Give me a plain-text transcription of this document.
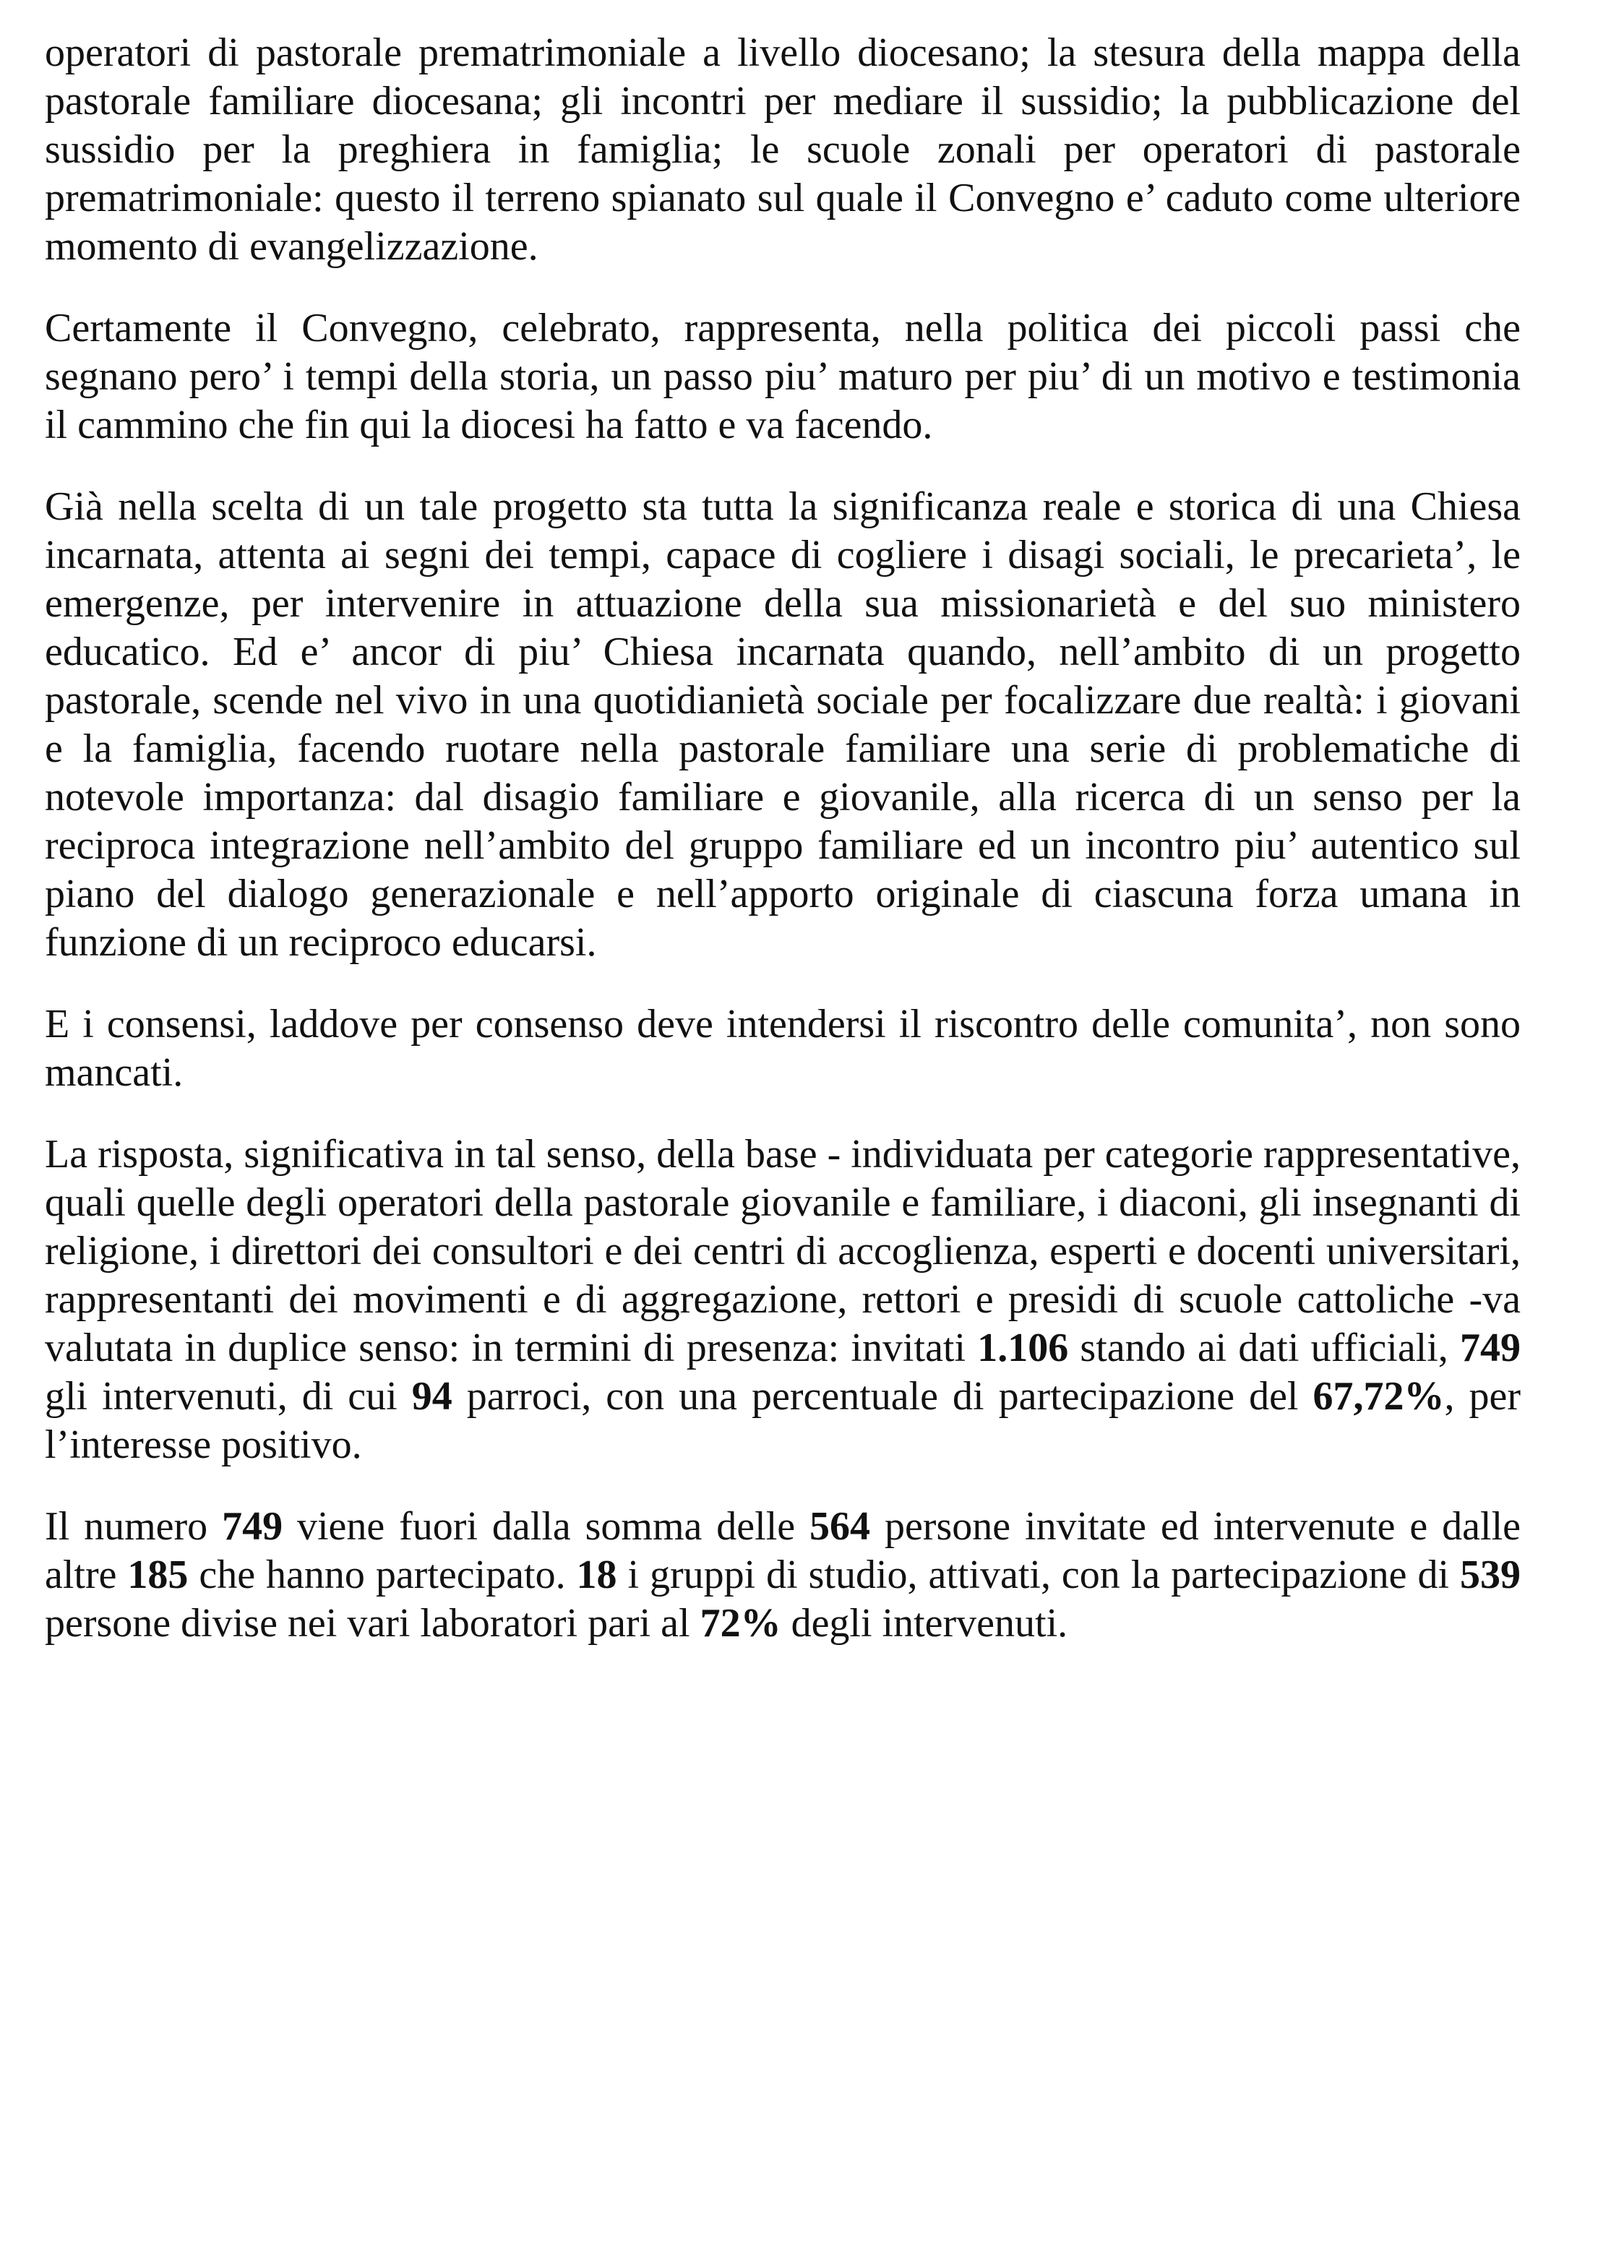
operatori di pastorale prematrimoniale a livello diocesano; la stesura della mappa della pastorale familiare diocesana; gli incontri per mediare il sussidio; la pubblicazione del sussidio per la preghiera in famiglia; le scuole zonali per operatori di pastorale prematrimoniale: questo il terreno spianato sul quale il Convegno e’ caduto come ulteriore momento di evangelizzazione.

Certamente il Convegno, celebrato, rappresenta, nella politica dei piccoli passi che segnano pero’ i tempi della storia, un passo piu’ maturo per piu’ di un motivo e testimonia il cammino che fin qui la diocesi ha fatto e va facendo.

Già nella scelta di un tale progetto sta tutta la significanza reale e storica di una Chiesa incarnata, attenta ai segni dei tempi, capace di cogliere i disagi sociali, le precarieta’, le emergenze, per intervenire in attuazione della sua missionarietà e del suo ministero educatico. Ed e’ ancor di piu’ Chiesa incarnata quando, nell’ambito di un progetto pastorale, scende nel vivo in una quotidianietà sociale per focalizzare due realtà: i giovani e la famiglia, facendo ruotare nella pastorale familiare una serie di problematiche di notevole importanza: dal disagio familiare e giovanile, alla ricerca di un senso per la reciproca integrazione nell’ambito del gruppo familiare ed un incontro piu’ autentico sul piano del dialogo generazionale e nell’apporto originale di ciascuna forza umana in funzione di un reciproco educarsi.

E i consensi, laddove per consenso deve intendersi il riscontro delle comunita’, non sono mancati.

La risposta, significativa in tal senso, della base - individuata per categorie rappresentative, quali quelle degli operatori della pastorale giovanile e familiare, i diaconi, gli insegnanti di religione, i direttori dei consultori e dei centri di accoglienza, esperti e docenti universitari, rappresentanti dei movimenti e di aggregazione, rettori e presidi di scuole cattoliche -va valutata in duplice senso: in termini di presenza: invitati 1.106 stando ai dati ufficiali, 749 gli intervenuti, di cui 94 parroci, con una percentuale di partecipazione del 67,72%, per l’interesse positivo.

Il numero 749 viene fuori dalla somma delle 564 persone invitate ed intervenute e dalle altre 185 che hanno partecipato. 18 i gruppi di studio, attivati, con la partecipazione di 539 persone divise nei vari laboratori pari al 72% degli intervenuti.
